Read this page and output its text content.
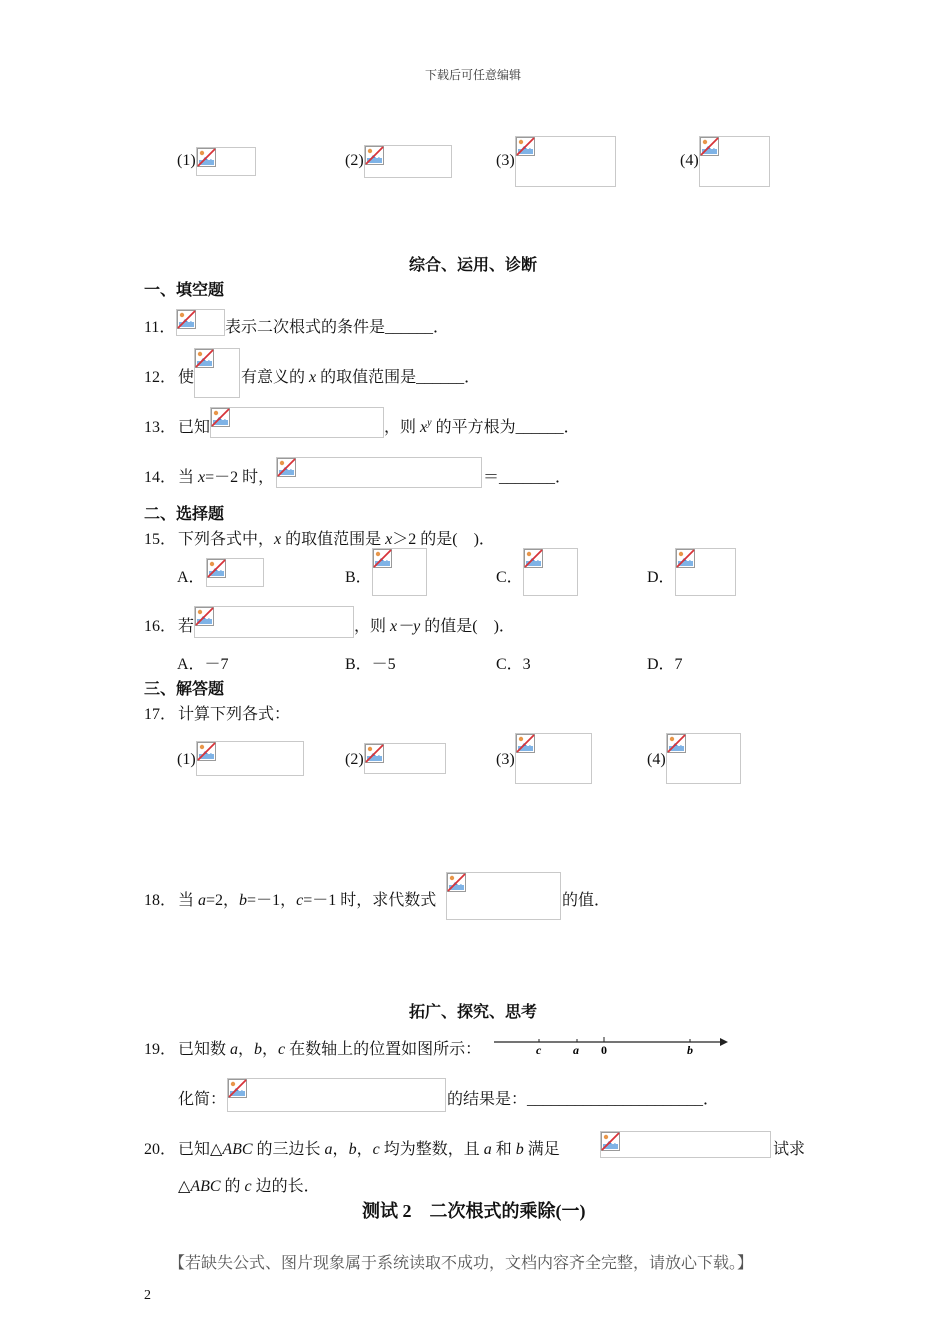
下载后可任意编辑
(1)	(2)	(3)	(4)
综合、运用、诊断
一、填空题
11．	表示二次根式的条件是______．
12． 使	有意义的 x 的取值范围是______．
13． 已知	，则 $x^y$ 的平方根为______．
14． 当 x=－2 时，	＝_______．
二、选择题
15． 下列各式中，x 的取值范围是 x＞2 的是(　)．
A．	B．	C．	D．
16． 若	，则 x－y 的值是(　)．
A．－7	B．－5	C．3	D．7
三、解答题
17． 计算下列各式：
(1)	(2)	(3)	(4)
18． 当 a=2，b=－1，c=－1 时，求代数式	的值．
拓广、探究、思考
19． 已知数 a，b，c 在数轴上的位置如图所示：	c	a 0	b
化简：	的结果是：______________________．
20． 已知△ABC 的三边长 a，b，c 均为整数，且 a 和 b 满足	试求
△ABC 的 c 边的长．
测试 2　二次根式的乘除(一)
【若缺失公式、图片现象属于系统读取不成功，文档内容齐全完整，请放心下载。】
2
